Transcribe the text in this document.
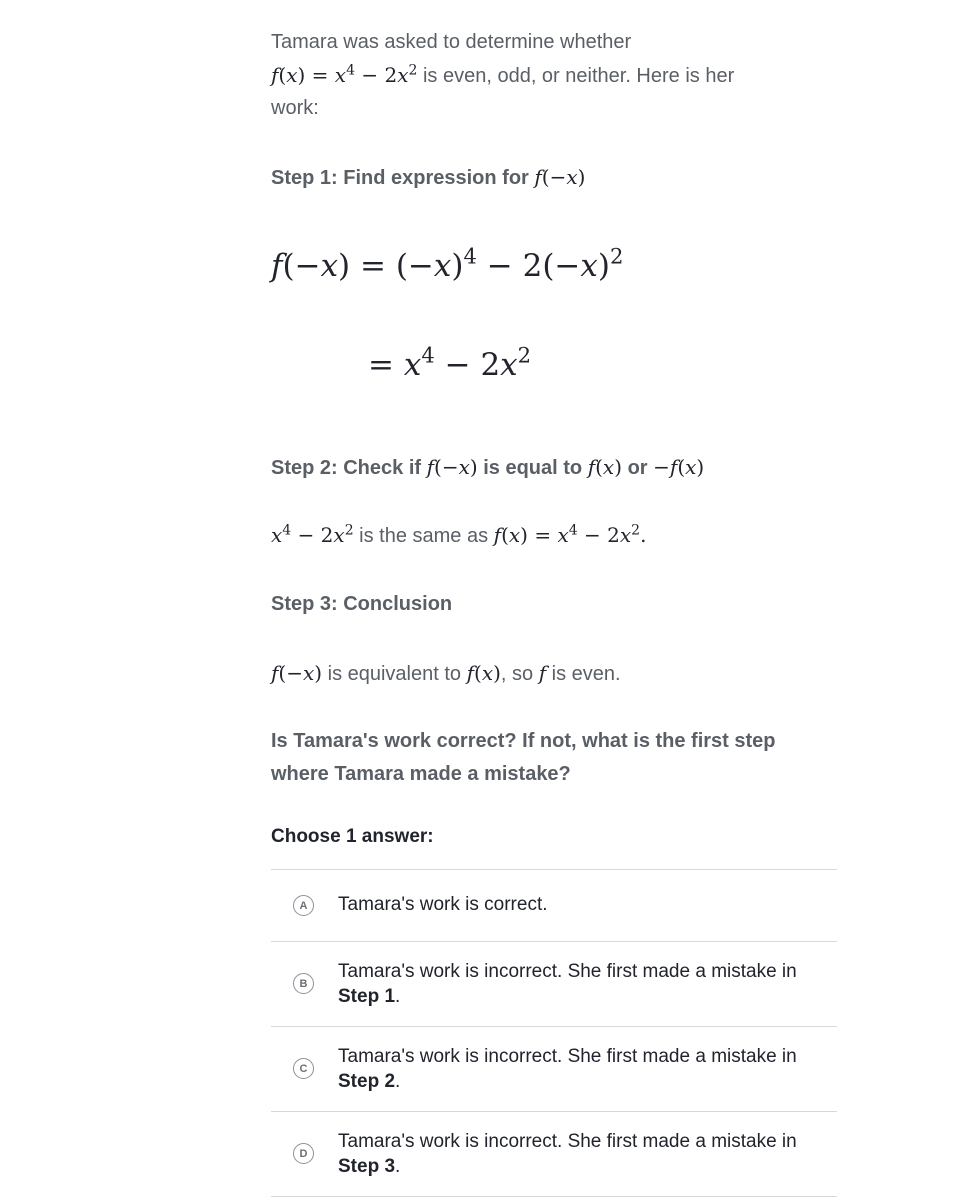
Tamara was asked to determine whether
$f(x) = x^4 - 2x^2$ is even, odd, or neither. Here is her
work:
Step 1: Find expression for f(−x)
$f(-x) = (-x)^4 - 2(-x)^2$
= $x^4 - 2x^2$
Step 2: Check if f(−x) is equal to f(x) or −f(x)
$x^4 - 2x^2$ is the same as $f(x) = x^4 - 2x^2$.
Step 3: Conclusion
f(−x) is equivalent to f(x), so f is even.
Is Tamara's work correct? If not, what is the first step
where Tamara made a mistake?
Choose 1 answer:
A	Tamara's work is correct.
B
Tamara's work is incorrect. She first made a mistake in
Step 1.
C
Tamara's work is incorrect. She first made a mistake in
Step 2.
D
Tamara's work is incorrect. She first made a mistake in
Step 3.
